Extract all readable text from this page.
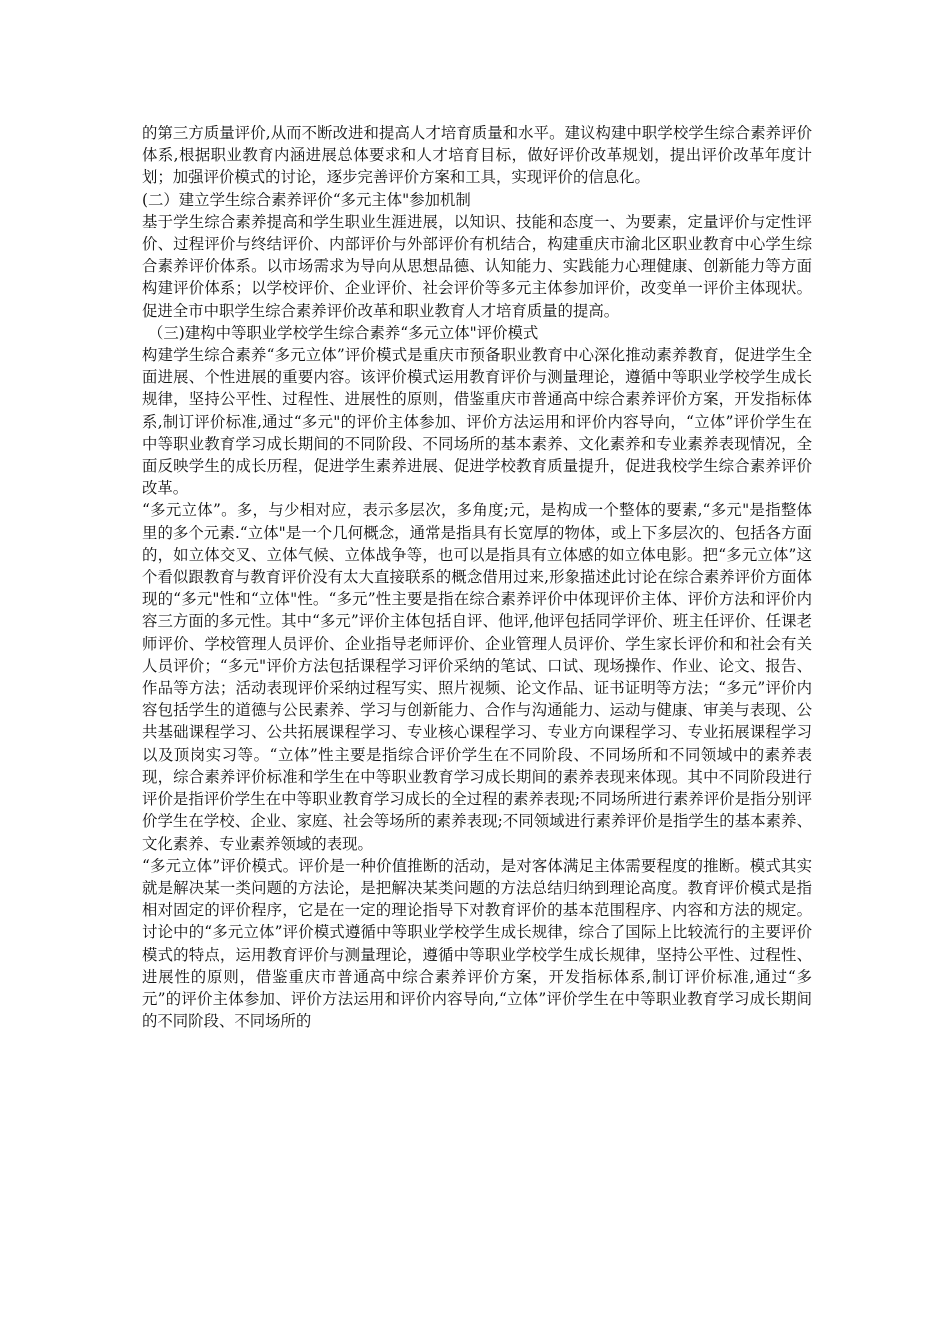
的第三方质量评价,从而不断改进和提高人才培育质量和水平。建议构建中职学校学生综合素养评价体系,根据职业教育内涵进展总体要求和人才培育目标，做好评价改革规划，提出评价改革年度计划；加强评价模式的讨论，逐步完善评价方案和工具，实现评价的信息化。

(二）建立学生综合素养评价“多元主体"参加机制

基于学生综合素养提高和学生职业生涯进展，以知识、技能和态度一、为要素，定量评价与定性评价、过程评价与终结评价、内部评价与外部评价有机结合，构建重庆市渝北区职业教育中心学生综合素养评价体系。以市场需求为导向从思想品德、认知能力、实践能力心理健康、创新能力等方面构建评价体系；以学校评价、企业评价、社会评价等多元主体参加评价，改变单一评价主体现状。促进全市中职学生综合素养评价改革和职业教育人才培育质量的提高。

（三)建构中等职业学校学生综合素养“多元立体"评价模式

构建学生综合素养“多元立体”评价模式是重庆市预备职业教育中心深化推动素养教育，促进学生全面进展、个性进展的重要内容。该评价模式运用教育评价与测量理论，遵循中等职业学校学生成长规律，坚持公平性、过程性、进展性的原则，借鉴重庆市普通高中综合素养评价方案，开发指标体系,制订评价标准,通过“多元"的评价主体参加、评价方法运用和评价内容导向，“立体”评价学生在中等职业教育学习成长期间的不同阶段、不同场所的基本素养、文化素养和专业素养表现情况，全面反映学生的成长历程，促进学生素养进展、促进学校教育质量提升，促进我校学生综合素养评价改革。

“多元立体”。多，与少相对应，表示多层次，多角度;元，是构成一个整体的要素,“多元"是指整体里的多个元素.“立体"是一个几何概念，通常是指具有长宽厚的物体，或上下多层次的、包括各方面的，如立体交叉、立体气候、立体战争等，也可以是指具有立体感的如立体电影。把“多元立体”这个看似跟教育与教育评价没有太大直接联系的概念借用过来,形象描述此讨论在综合素养评价方面体现的“多元"性和“立体"性。“多元”性主要是指在综合素养评价中体现评价主体、评价方法和评价内容三方面的多元性。其中“多元”评价主体包括自评、他评,他评包括同学评价、班主任评价、任课老师评价、学校管理人员评价、企业指导老师评价、企业管理人员评价、学生家长评价和和社会有关人员评价；“多元"评价方法包括课程学习评价采纳的笔试、口试、现场操作、作业、论文、报告、作品等方法；活动表现评价采纳过程写实、照片视频、论文作品、证书证明等方法；“多元”评价内容包括学生的道德与公民素养、学习与创新能力、合作与沟通能力、运动与健康、审美与表现、公共基础课程学习、公共拓展课程学习、专业核心课程学习、专业方向课程学习、专业拓展课程学习以及顶岗实习等。“立体”性主要是指综合评价学生在不同阶段、不同场所和不同领域中的素养表现，综合素养评价标准和学生在中等职业教育学习成长期间的素养表现来体现。其中不同阶段进行评价是指评价学生在中等职业教育学习成长的全过程的素养表现;不同场所进行素养评价是指分别评价学生在学校、企业、家庭、社会等场所的素养表现;不同领域进行素养评价是指学生的基本素养、文化素养、专业素养领域的表现。

“多元立体”评价模式。评价是一种价值推断的活动，是对客体满足主体需要程度的推断。模式其实就是解决某一类问题的方法论，是把解决某类问题的方法总结归纳到理论高度。教育评价模式是指相对固定的评价程序，它是在一定的理论指导下对教育评价的基本范围程序、内容和方法的规定。讨论中的“多元立体”评价模式遵循中等职业学校学生成长规律，综合了国际上比较流行的主要评价模式的特点，运用教育评价与测量理论，遵循中等职业学校学生成长规律，坚持公平性、过程性、进展性的原则，借鉴重庆市普通高中综合素养评价方案，开发指标体系,制订评价标准,通过“多元”的评价主体参加、评价方法运用和评价内容导向,“立体”评价学生在中等职业教育学习成长期间的不同阶段、不同场所的
